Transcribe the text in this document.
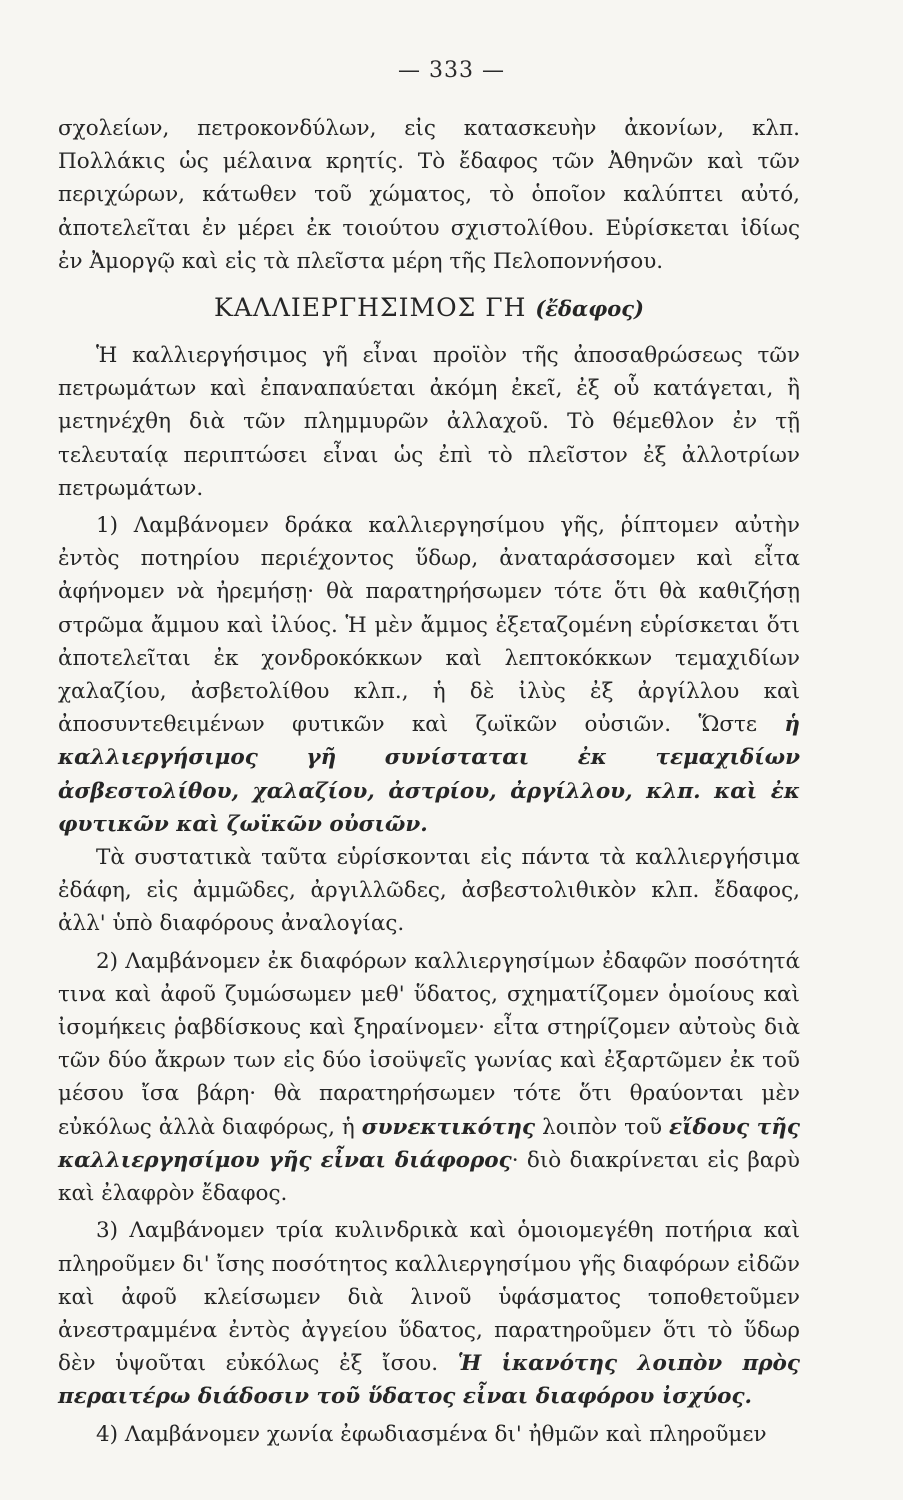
— 333 —

σχολείων, πετροκονδύλων, εἰς κατασκευὴν ἀκονίων, κλπ. Πολλάκις ὡς μέλαινα κρητίς. Τὸ ἔδαφος τῶν Ἀθηνῶν καὶ τῶν περιχώρων, κάτωθεν τοῦ χώματος, τὸ ὁποῖον καλύπτει αὐτό, ἀποτελεῖται ἐν μέρει ἐκ τοιούτου σχιστολίθου. Εὑρίσκεται ἰδίως ἐν Ἀμοργῷ καὶ εἰς τὰ πλεῖστα μέρη τῆς Πελοποννήσου.

ΚΑΛΛΙΕΡΓΗΣΙΜΟΣ ΓΗ (ἔδαφος)

Ἡ καλλιεργήσιμος γῆ εἶναι προϊὸν τῆς ἀποσαθρώσεως τῶν πετρωμάτων καὶ ἐπαναπαύεται ἀκόμη ἐκεῖ, ἐξ οὗ κατάγεται, ἢ μετηνέχθη διὰ τῶν πλημμυρῶν ἀλλαχοῦ. Τὸ θέμεθλον ἐν τῇ τελευταίᾳ περιπτώσει εἶναι ὡς ἐπὶ τὸ πλεῖστον ἐξ ἀλλοτρίων πετρωμάτων.

1) Λαμβάνομεν δράκα καλλιεργησίμου γῆς, ῥίπτομεν αὐτὴν ἐντὸς ποτηρίου περιέχοντος ὕδωρ, ἀναταράσσομεν καὶ εἶτα ἀφήνομεν νὰ ἠρεμήσῃ· θὰ παρατηρήσωμεν τότε ὅτι θὰ καθιζήσῃ στρῶμα ἄμμου καὶ ἰλύος. Ἡ μὲν ἄμμος ἐξεταζομένη εὑρίσκεται ὅτι ἀποτελεῖται ἐκ χονδροκόκκων καὶ λεπτοκόκκων τεμαχιδίων χαλαζίου, ἀσβετολίθου κλπ., ἡ δὲ ἰλὺς ἐξ ἀργίλλου καὶ ἀποσυντεθειμένων φυτικῶν καὶ ζωϊκῶν οὐσιῶν. Ὥστε ἡ καλλιεργήσιμος γῆ συνίσταται ἐκ τεμαχιδίων ἀσβεστολίθου, χαλαζίου, ἀστρίου, ἀργίλλου, κλπ. καὶ ἐκ φυτικῶν καὶ ζωϊκῶν οὐσιῶν.

Τὰ συστατικὰ ταῦτα εὑρίσκονται εἰς πάντα τὰ καλλιεργήσιμα ἐδάφη, εἰς ἀμμῶδες, ἀργιλλῶδες, ἀσβεστολιθικὸν κλπ. ἔδαφος, ἀλλ' ὑπὸ διαφόρους ἀναλογίας.

2) Λαμβάνομεν ἐκ διαφόρων καλλιεργησίμων ἐδαφῶν ποσότητά τινα καὶ ἀφοῦ ζυμώσωμεν μεθ' ὕδατος, σχηματίζομεν ὁμοίους καὶ ἰσομήκεις ῥαβδίσκους καὶ ξηραίνομεν· εἶτα στηρίζομεν αὐτοὺς διὰ τῶν δύο ἄκρων των εἰς δύο ἰσοϋψεῖς γωνίας καὶ ἐξαρτῶμεν ἐκ τοῦ μέσου ἴσα βάρη· θὰ παρατηρήσωμεν τότε ὅτι θραύονται μὲν εὐκόλως ἀλλὰ διαφόρως, ἡ συνεκτικότης λοιπὸν τοῦ εἴδους τῆς καλλιεργησίμου γῆς εἶναι διάφορος· διὸ διακρίνεται εἰς βαρὺ καὶ ἐλαφρὸν ἔδαφος.

3) Λαμβάνομεν τρία κυλινδρικὰ καὶ ὁμοιομεγέθη ποτήρια καὶ πληροῦμεν δι' ἴσης ποσότητος καλλιεργησίμου γῆς διαφόρων εἰδῶν καὶ ἀφοῦ κλείσωμεν διὰ λινοῦ ὑφάσματος τοποθετοῦμεν ἀνεστραμμένα ἐντὸς ἀγγείου ὕδατος, παρατηροῦμεν ὅτι τὸ ὕδωρ δὲν ὑψοῦται εὐκόλως ἐξ ἴσου. Ἡ ἱκανότης λοιπὸν πρὸς περαιτέρω διάδοσιν τοῦ ὕδατος εἶναι διαφόρου ἰσχύος.

4) Λαμβάνομεν χωνία ἐφωδιασμένα δι' ἠθμῶν καὶ πληροῦμεν
